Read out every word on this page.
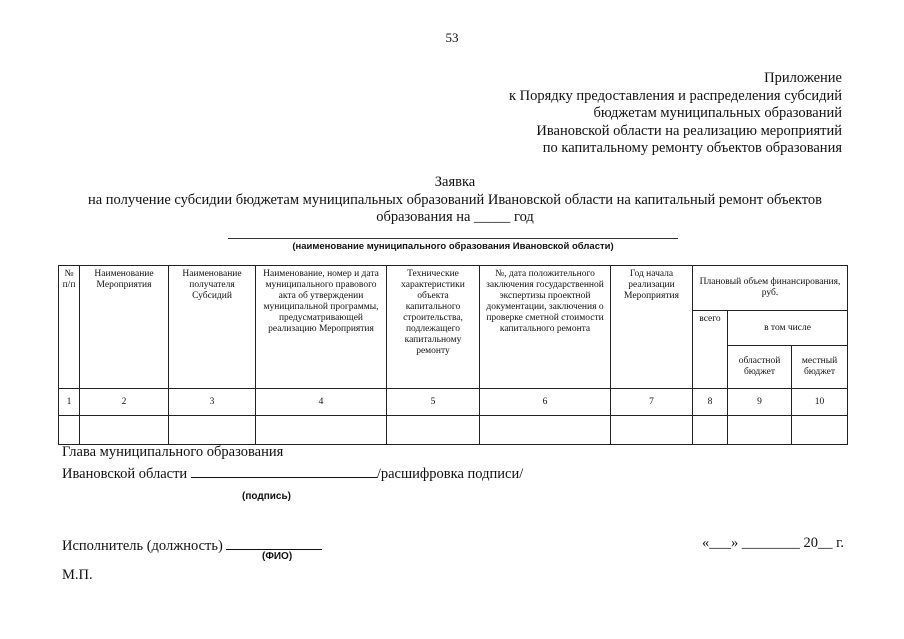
53
Приложение
к Порядку предоставления и распределения субсидий
бюджетам муниципальных образований
Ивановской области на реализацию мероприятий
по капитальному ремонту объектов образования
Заявка
на получение субсидии бюджетам муниципальных образований Ивановской области на капитальный ремонт объектов
образования на _____ год
(наименование муниципального образования Ивановской области)
№ п/п	Наименование Мероприятия	Наименование получателя Субсидий	Наименование, номер и дата муниципального правового акта об утверждении муниципальной программы, предусматривающей реализацию Мероприятия	Технические характеристики объекта капитального строительства, подлежащего капитальному ремонту	№, дата положительного заключения государственной экспертизы проектной документации, заключения о проверке сметной стоимости капитального ремонта	Год начала реализации Мероприятия	Плановый объем финансирования, руб.		
							всего	в том числе	
								областной бюджет	местный бюджет
1	2	3	4	5	6	7	8	9	10

Глава муниципального образования
Ивановской области	/расшифровка подписи/
(подпись)
Исполнитель (должность)
(ФИО)
«___» ________ 20__ г.
М.П.
